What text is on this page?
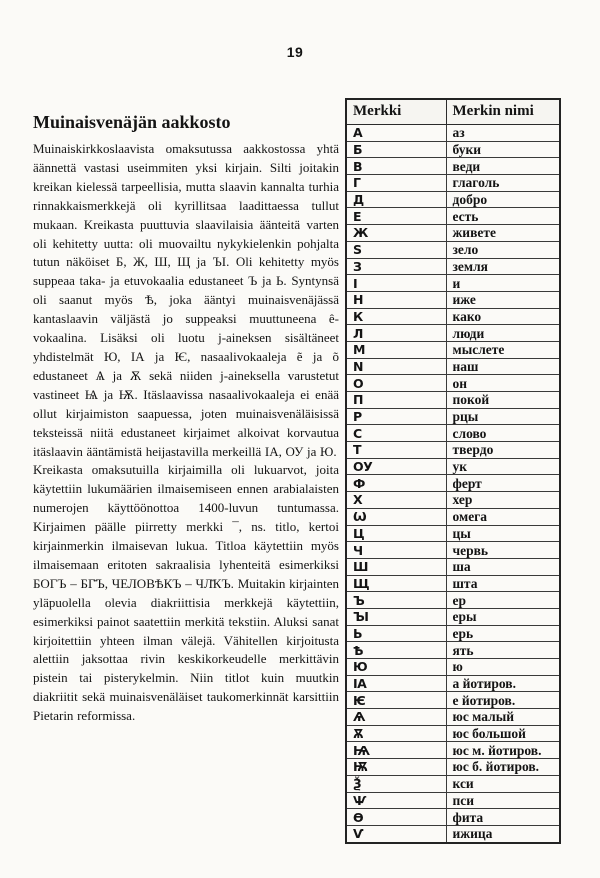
19
Muinaisvenäjän aakkosto

Muinaiskirkkoslaavista omaksutussa aakkostossa yhtä äännettä vastasi useimmiten yksi kirjain. Silti joitakin kreikan kielessä tarpeellisia, mutta slaavin kannalta turhia rinnakkaismerkkejä oli kyrillitsaa laadittaessa tullut mukaan. Kreikasta puuttuvia slaavilaisia äänteitä varten oli kehitetty uutta: oli muovailtu nykykielenkin pohjalta tutun näköiset Б, Ж, Ш, Щ ja ЪІ. Oli kehitetty myös suppeaa taka- ja etuvokaalia edustaneet Ъ ja Ь. Syntynsä oli saanut myös Ѣ, joka ääntyi muinaisvenäjässä kantaslaavin väljästä jo suppeaksi muuttuneena ê-vokaalina. Lisäksi oli luotu j-aineksen sisältäneet yhdistelmät Ю, ІА ja Ѥ, nasaalivokaaleja ẽ ja õ edustaneet Ѧ ja Ѫ sekä niiden j-aineksella varustetut vastineet Ѩ ja Ѭ. Itäslaavissa nasaalivokaaleja ei enää ollut kirjaimiston saapuessa, joten muinaisvenäläisissä teksteissä niitä edustaneet kirjaimet alkoivat korvautua itäslaavin ääntämistä heijastavilla merkeillä ІА, ОУ ja Ю.

Kreikasta omaksutuilla kirjaimilla oli lukuarvot, joita käytettiin lukumäärien ilmaisemiseen ennen arabialaisten numerojen käyttöönottoa 1400-luvun tuntumassa. Kirjaimen päälle piirretty merkki ¯, ns. titlo, kertoi kirjainmerkin ilmaisevan lukua. Titloa käytettiin myös ilmaisemaan eritoten sakraalisia lyhenteitä esimerkiksi БОГЪ – БГ̄Ъ, ЧЕЛОВѢКЪ – ЧЛ̄КЪ. Muitakin kirjainten yläpuolella olevia diakriittisia merkkejä käytettiin, esimerkiksi painot saatettiin merkitä tekstiin. Aluksi sanat kirjoitettiin yhteen ilman välejä. Vähitellen kirjoitusta alettiin jaksottaa rivin keskikorkeudelle merkittävin pistein tai pisterykelmin. Niin titlot kuin muutkin diakriitit sekä muinaisvenäläiset taukomerkinnät karsittiin Pietarin reformissa.

Merkki	Merkin nimi
А	аз
Б	буки
В	веди
Г	глаголь
Д	добро
Е	есть
Ж	живете
Ѕ	зело
З	земля
І	и
Н	иже
К	како
Л	люди
М	мыслете
N	наш
О	он
П	покой
Р	рцы
С	слово
Т	твердо
ОУ	ук
Ф	ферт
Х	хер
Ѡ	омега
Ц	цы
Ч	червь
Ш	ша
Щ	шта
Ъ	ер
ЪІ	еры
Ь	ерь
Ѣ	ять
Ю	ю
ІА	а йотиров.
Ѥ	е йотиров.
Ѧ	юс малый
Ѫ	юс большой
Ѩ	юс м. йотиров.
Ѭ	юс б. йотиров.
Ѯ	кси
Ѱ	пси
Ѳ	фита
Ѵ	ижица
